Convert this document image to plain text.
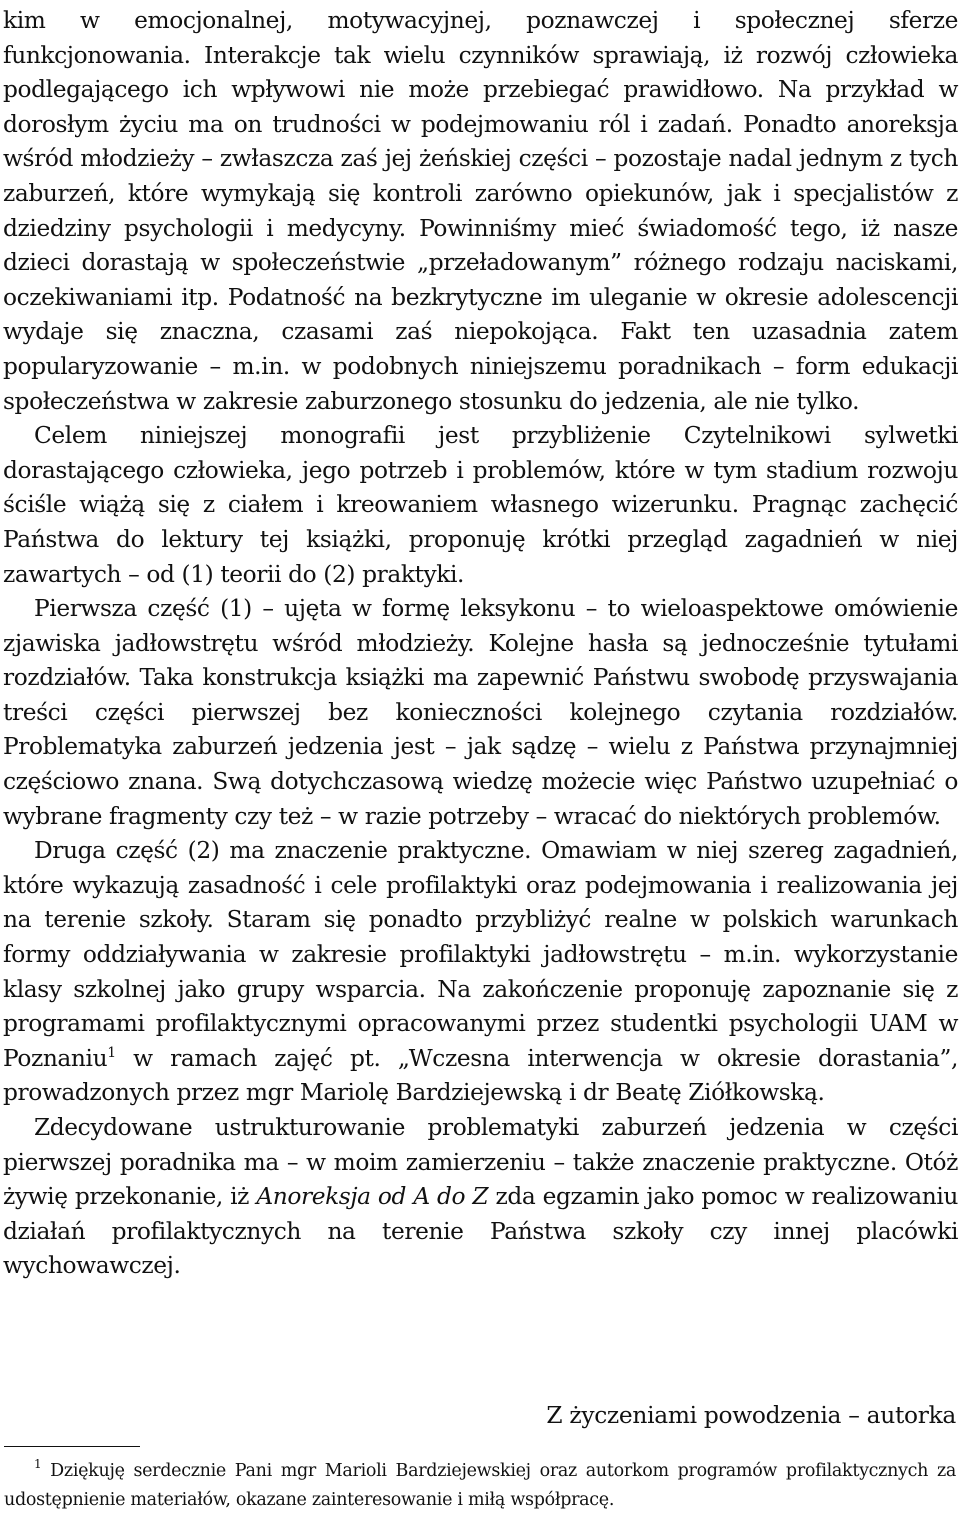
kim w emocjonalnej, motywacyjnej, poznawczej i społecznej sferze funkcjonowania. Interakcje tak wielu czynników sprawiają, iż rozwój człowieka podlegającego ich wpływowi nie może przebiegać prawidłowo. Na przykład w dorosłym życiu ma on trudności w podejmowaniu ról i zadań. Ponadto anoreksja wśród młodzieży – zwłaszcza zaś jej żeńskiej części – pozostaje nadal jednym z tych zaburzeń, które wymykają się kontroli zarówno opiekunów, jak i specjalistów z dziedziny psychologii i medycyny. Powinniśmy mieć świadomość tego, iż nasze dzieci dorastają w społeczeństwie „przeładowanym” różnego rodzaju naciskami, oczekiwaniami itp. Podatność na bezkrytyczne im uleganie w okresie adolescencji wydaje się znaczna, czasami zaś niepokojąca. Fakt ten uzasadnia zatem popularyzowanie – m.in. w podobnych niniejszemu poradnikach – form edukacji społeczeństwa w zakresie zaburzonego stosunku do jedzenia, ale nie tylko.

Celem niniejszej monografii jest przybliżenie Czytelnikowi sylwetki dorastającego człowieka, jego potrzeb i problemów, które w tym stadium rozwoju ściśle wiążą się z ciałem i kreowaniem własnego wizerunku. Pragnąc zachęcić Państwa do lektury tej książki, proponuję krótki przegląd zagadnień w niej zawartych – od (1) teorii do (2) praktyki.

Pierwsza część (1) – ujęta w formę leksykonu – to wieloaspektowe omówienie zjawiska jadłowstrętu wśród młodzieży. Kolejne hasła są jednocześnie tytułami rozdziałów. Taka konstrukcja książki ma zapewnić Państwu swobodę przyswajania treści części pierwszej bez konieczności kolejnego czytania rozdziałów. Problematyka zaburzeń jedzenia jest – jak sądzę – wielu z Państwa przynajmniej częściowo znana. Swą dotychczasową wiedzę możecie więc Państwo uzupełniać o wybrane fragmenty czy też – w razie potrzeby – wracać do niektórych problemów.

Druga część (2) ma znaczenie praktyczne. Omawiam w niej szereg zagadnień, które wykazują zasadność i cele profilaktyki oraz podejmowania i realizowania jej na terenie szkoły. Staram się ponadto przybliżyć realne w polskich warunkach formy oddziaływania w zakresie profilaktyki jadłowstrętu – m.in. wykorzystanie klasy szkolnej jako grupy wsparcia. Na zakończenie proponuję zapoznanie się z programami profilaktycznymi opracowanymi przez studentki psychologii UAM w Poznaniu$^1$ w ramach zajęć pt. „Wczesna interwencja w okresie dorastania”, prowadzonych przez mgr Mariolę Bardziejewską i dr Beatę Ziółkowską.

Zdecydowane ustrukturowanie problematyki zaburzeń jedzenia w części pierwszej poradnika ma – w moim zamierzeniu – także znaczenie praktyczne. Otóż żywię przekonanie, iż Anoreksja od A do Z zda egzamin jako pomoc w realizowaniu działań profilaktycznych na terenie Państwa szkoły czy innej placówki wychowawczej.

Z życzeniami powodzenia – autorka
$^1$ Dziękuję serdecznie Pani mgr Marioli Bardziejewskiej oraz autorkom programów profilaktycznych za udostępnienie materiałów, okazane zainteresowanie i miłą współpracę.
